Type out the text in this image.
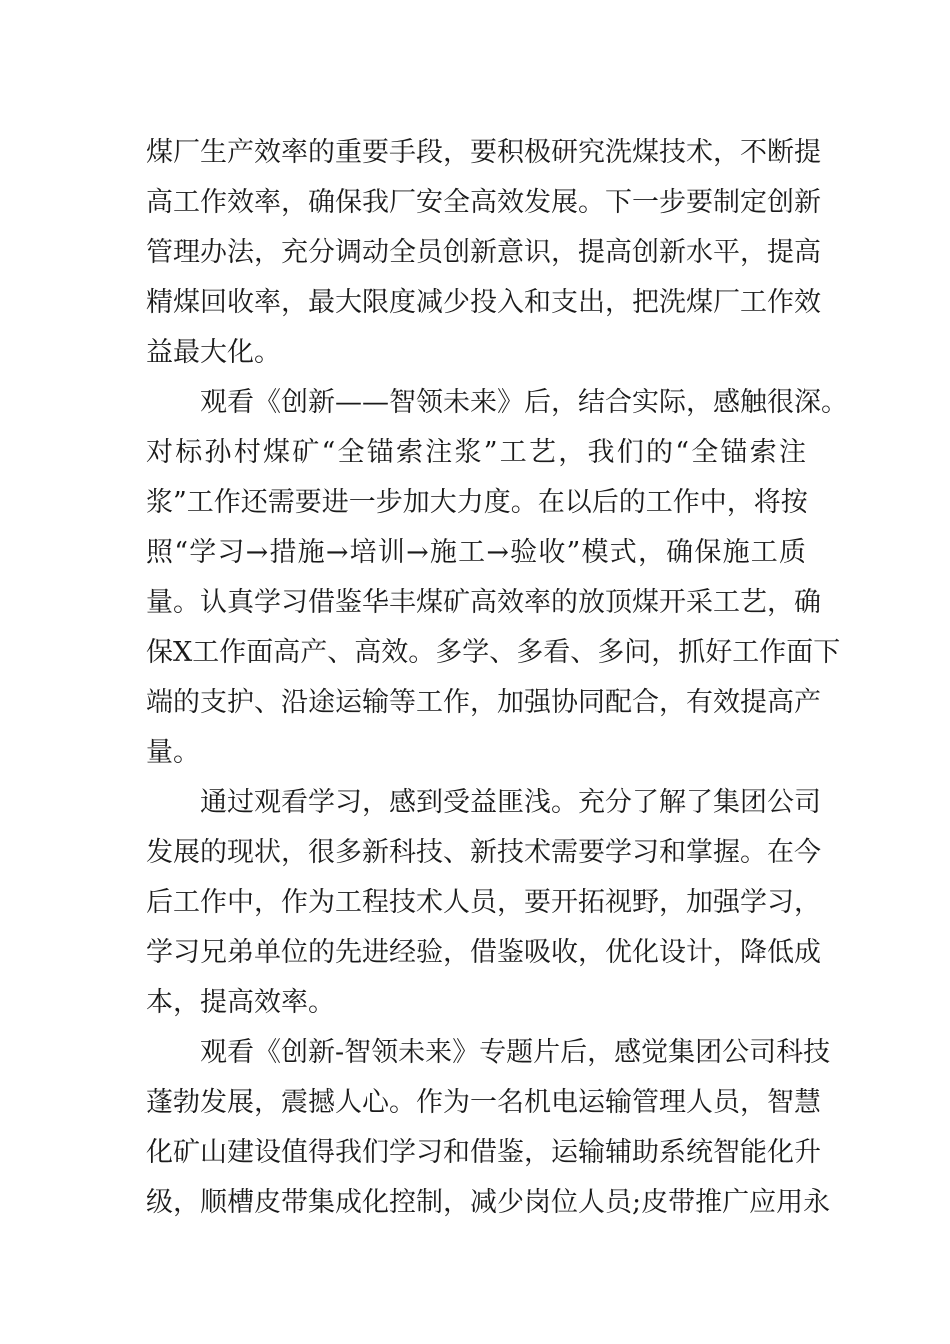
煤厂生产效率的重要手段，要积极研究洗煤技术，不断提
高工作效率，确保我厂安全高效发展。下一步要制定创新
管理办法，充分调动全员创新意识，提高创新水平，提高
精煤回收率，最大限度减少投入和支出，把洗煤厂工作效
益最大化。
观看《创新——智领未来》后，结合实际，感触很深。
对标孙村煤矿“全锚索注浆”工艺，我们的“全锚索注
浆”工作还需要进一步加大力度。在以后的工作中，将按
照“学习→措施→培训→施工→验收”模式，确保施工质
量。认真学习借鉴华丰煤矿高效率的放顶煤开采工艺，确
保X工作面高产、高效。多学、多看、多问，抓好工作面下
端的支护、沿途运输等工作，加强协同配合，有效提高产
量。
通过观看学习，感到受益匪浅。充分了解了集团公司
发展的现状，很多新科技、新技术需要学习和掌握。在今
后工作中，作为工程技术人员，要开拓视野，加强学习，
学习兄弟单位的先进经验，借鉴吸收，优化设计，降低成
本，提高效率。
观看《创新-智领未来》专题片后，感觉集团公司科技
蓬勃发展，震撼人心。作为一名机电运输管理人员，智慧
化矿山建设值得我们学习和借鉴，运输辅助系统智能化升
级，顺槽皮带集成化控制，减少岗位人员;皮带推广应用永
